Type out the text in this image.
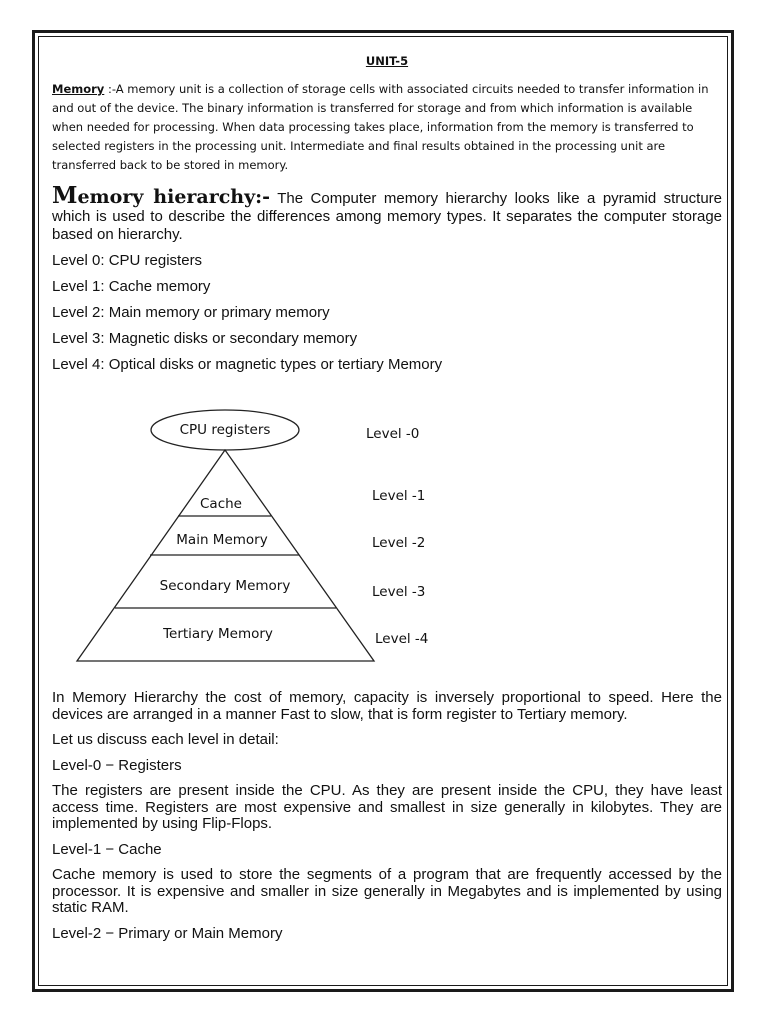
UNIT-5

Memory :-A memory unit is a collection of storage cells with associated circuits needed to transfer information in and out of the device. The binary information is transferred for storage and from which information is available when needed for processing. When data processing takes place, information from the memory is transferred to selected registers in the processing unit. Intermediate and final results obtained in the processing unit are transferred back to be stored in memory.

Memory hierarchy:- The Computer memory hierarchy looks like a pyramid structure which is used to describe the differences among memory types. It separates the computer storage based on hierarchy.

Level 0: CPU registers

Level 1: Cache memory

Level 2: Main memory or primary memory

Level 3: Magnetic disks or secondary memory

Level 4: Optical disks or magnetic types or tertiary Memory

CPU registers
Cache
Main Memory
Secondary Memory
Tertiary Memory
Level -0
Level -1
Level -2
Level -3
Level -4

In Memory Hierarchy the cost of memory, capacity is inversely proportional to speed. Here the devices are arranged in a manner Fast to slow, that is form register to Tertiary memory.

Let us discuss each level in detail:

Level-0 − Registers

The registers are present inside the CPU. As they are present inside the CPU, they have least access time. Registers are most expensive and smallest in size generally in kilobytes. They are implemented by using Flip-Flops.

Level-1 − Cache

Cache memory is used to store the segments of a program that are frequently accessed by the processor. It is expensive and smaller in size generally in Megabytes and is implemented by using static RAM.

Level-2 − Primary or Main Memory
